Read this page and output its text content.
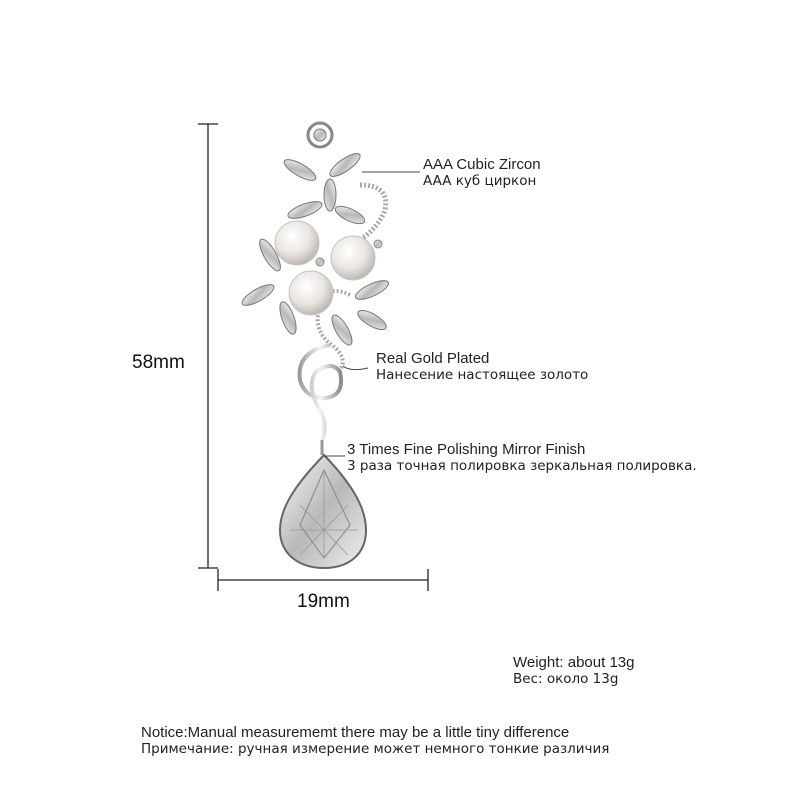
58mm
19mm
AAA Cubic Zircon
AAA куб циркон
Real Gold Plated
Нанесение настоящее золото
3 Times Fine Polishing Mirror Finish
3 раза точная полировка зеркальная полировка.
Weight: about 13g
Вес: около 13g
Notice:Manual measurememt there may be a little tiny difference
Примечание: ручная измерение может немного тонкие различия
